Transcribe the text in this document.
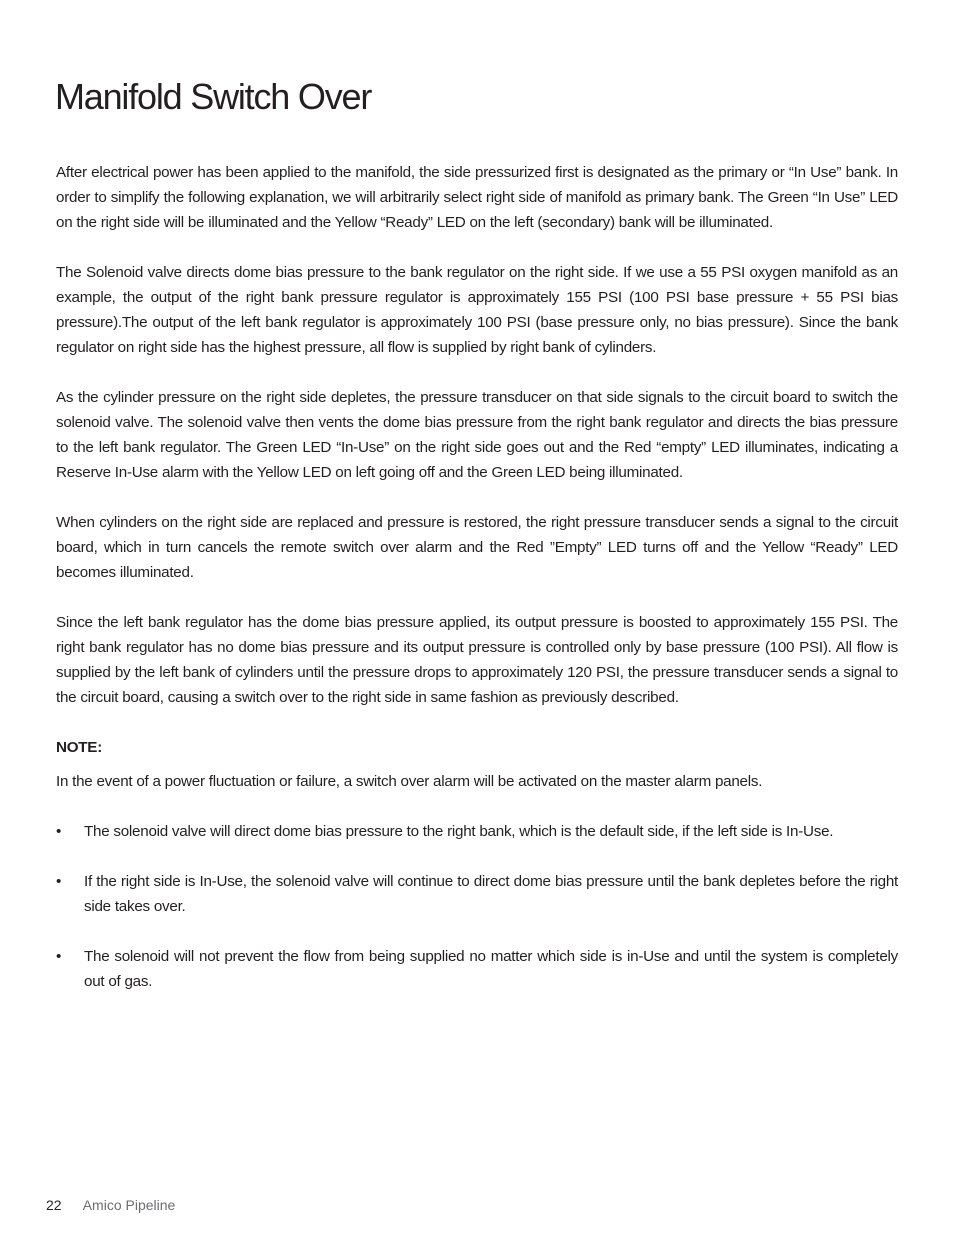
Manifold Switch Over

After electrical power has been applied to the manifold, the side pressurized first is designated as the primary or “In Use” bank. In order to simplify the following explanation, we will arbitrarily select right side of manifold as primary bank. The Green “In Use” LED on the right side will be illuminated and the Yellow “Ready” LED on the left (secondary) bank will be illuminated.

The Solenoid valve directs dome bias pressure to the bank regulator on the right side. If we use a 55 PSI oxygen manifold as an example, the output of the right bank pressure regulator is approximately 155 PSI (100 PSI base pressure + 55 PSI bias pressure).The output of the left bank regulator is approximately 100 PSI (base pressure only, no bias pressure). Since the bank regulator on right side has the highest pressure, all flow is supplied by right bank of cylinders.

As the cylinder pressure on the right side depletes, the pressure transducer on that side signals to the circuit board to switch the solenoid valve. The solenoid valve then vents the dome bias pressure from the right bank regulator and directs the bias pressure to the left bank regulator. The Green LED “In-Use” on the right side goes out and the Red “empty” LED illuminates, indicating a Reserve In-Use alarm with the Yellow LED on left going off and the Green LED being illuminated.

When cylinders on the right side are replaced and pressure is restored, the right pressure transducer sends a signal to the circuit board, which in turn cancels the remote switch over alarm and the Red ”Empty” LED turns off and the Yellow “Ready” LED becomes illuminated.

Since the left bank regulator has the dome bias pressure applied, its output pressure is boosted to approximately 155 PSI. The right bank regulator has no dome bias pressure and its output pressure is controlled only by base pressure (100 PSI). All flow is supplied by the left bank of cylinders until the pressure drops to approximately 120 PSI, the pressure transducer sends a signal to the circuit board, causing a switch over to the right side in same fashion as previously described.

NOTE:

In the event of a power fluctuation or failure, a switch over alarm will be activated on the master alarm panels.

•	The solenoid valve will direct dome bias pressure to the right bank, which is the default side, if the left side is In-Use.
•	If the right side is In-Use, the solenoid valve will continue to direct dome bias pressure until the bank depletes before the right side takes over.
•	The solenoid will not prevent the flow from being supplied no matter which side is in-Use and until the system is completely out of gas.
22 Amico Pipeline
